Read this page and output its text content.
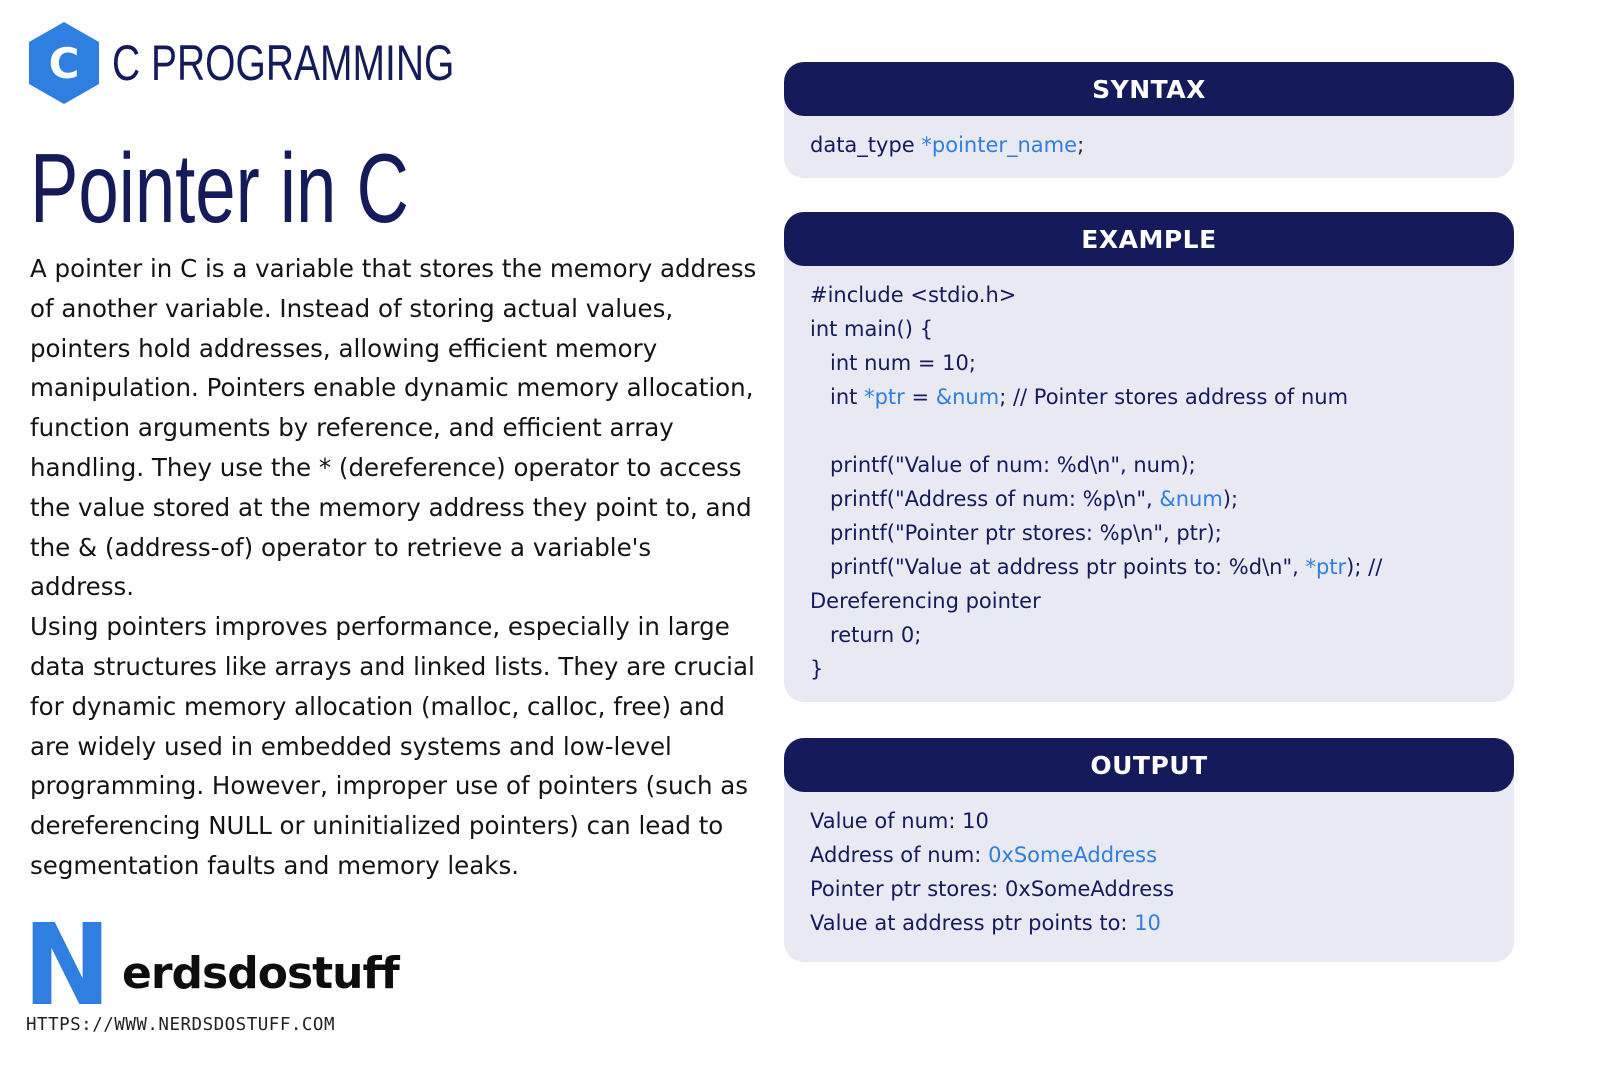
C C PROGRAMMING
Pointer in C

A pointer in C is a variable that stores the memory address of another variable. Instead of storing actual values, pointers hold addresses, allowing efficient memory manipulation. Pointers enable dynamic memory allocation, function arguments by reference, and efficient array handling. They use the * (dereference) operator to access the value stored at the memory address they point to, and the & (address-of) operator to retrieve a variable's address.

Using pointers improves performance, especially in large data structures like arrays and linked lists. They are crucial for dynamic memory allocation (malloc, calloc, free) and are widely used in embedded systems and low-level programming. However, improper use of pointers (such as dereferencing NULL or uninitialized pointers) can lead to segmentation faults and memory leaks.

N erdsdostuff
HTTPS://WWW.NERDSDOSTUFF.COM
SYNTAX
data_type *pointer_name;
EXAMPLE
#include <stdio.h>
int main() {
int num = 10;
int *ptr = &num; // Pointer stores address of num

printf("Value of num: %d\n", num);
printf("Address of num: %p\n", &num);
printf("Pointer ptr stores: %p\n", ptr);
printf("Value at address ptr points to: %d\n", *ptr); //
Dereferencing pointer
return 0;
}
OUTPUT
Value of num: 10
Address of num: 0xSomeAddress
Pointer ptr stores: 0xSomeAddress
Value at address ptr points to: 10
